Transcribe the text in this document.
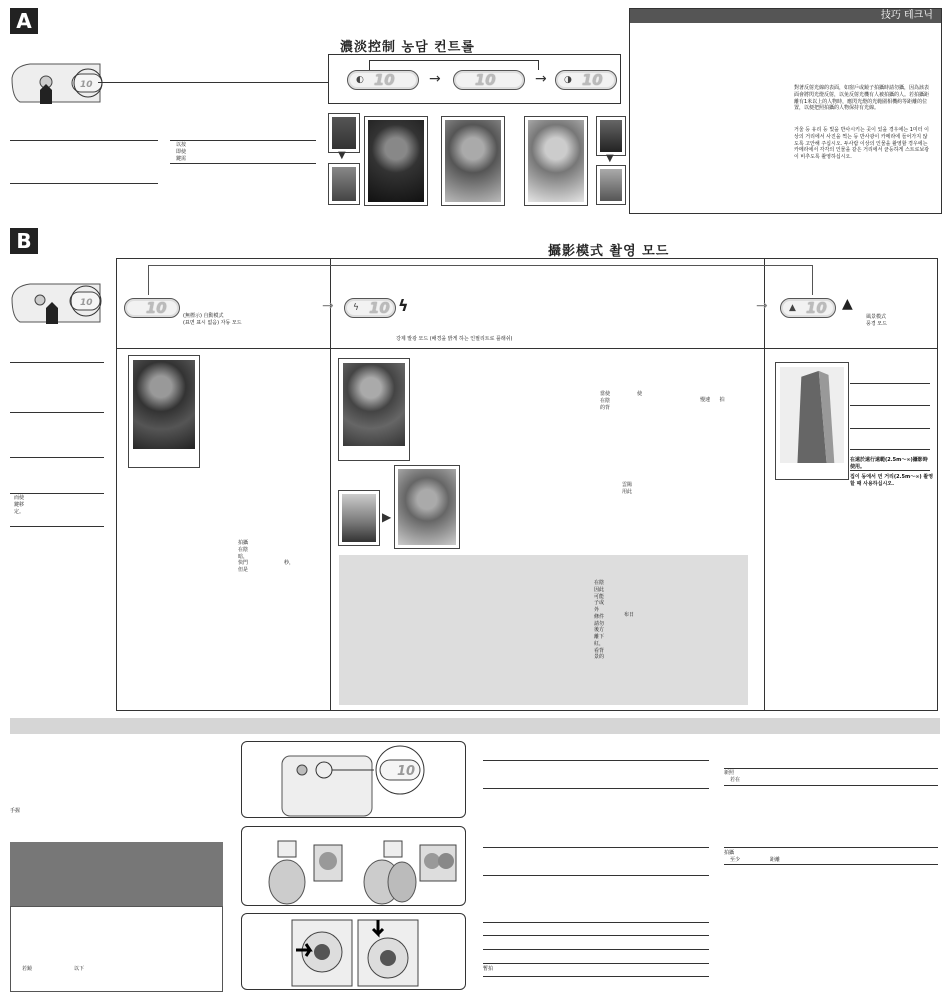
A
10
濃淡控制 농담 컨트롤
◐ 10 →
10	→ ◑ 10
以按
即使
鍵需	▼	▼
技巧 테크닉
對著反射光線的表面，如窗戶或鏡子拍攝時請勿攝，因為該表面會將閃光燈反射，以免反射光機有人被拍攝的人。若拍攝距離有1米以上的人物時，應閃光燈的光範圍相機約等距離的位置，以便把照拍攝的人物保持有光線。
거울 등 유리 등 빛을 반사시키는 곳이 있을 경우에는 1미터 이상의 거리에서 사진을 찍는 등 반사광이 카메라에 들어가지 않도록 고안해 주십시오. 두사람 이상의 인물을 촬영할 경우에는 카메라에서 각각의 인물을 같은 거리에서 균등하게 스트로보광이 비추도록 촬영하십시오.
B	攝影模式 촬영 모드
10
	10	(無標示) 自動模式
(표면 표시 없음) 자동 모드
→ ϟ 10 ϟ
강제 발광 모드 (배경을 밝게 하는 인필리트로 플래쉬)
→ ▲ 10 ▲
風景模式
풍경 모드
而使
鍵移
定。
拍攝
在陰
暗，
快門
但是
秒，
當使	使
在陰
的背
慢速 拍
▶
雲陽
用此
在陰
因此
可能
子或
外
條件
請勿
後方
離下
紅，
看背
景的
布日
在遠於遠行遠範(2.5m～∞)攝影時使用。
집이 동에서 먼 거리(2.5m～∞) 촬영할 때 사용하십시오.
手握
若鏡	以下
10
暫拍
新照
若在
拍攝
至少	距離
